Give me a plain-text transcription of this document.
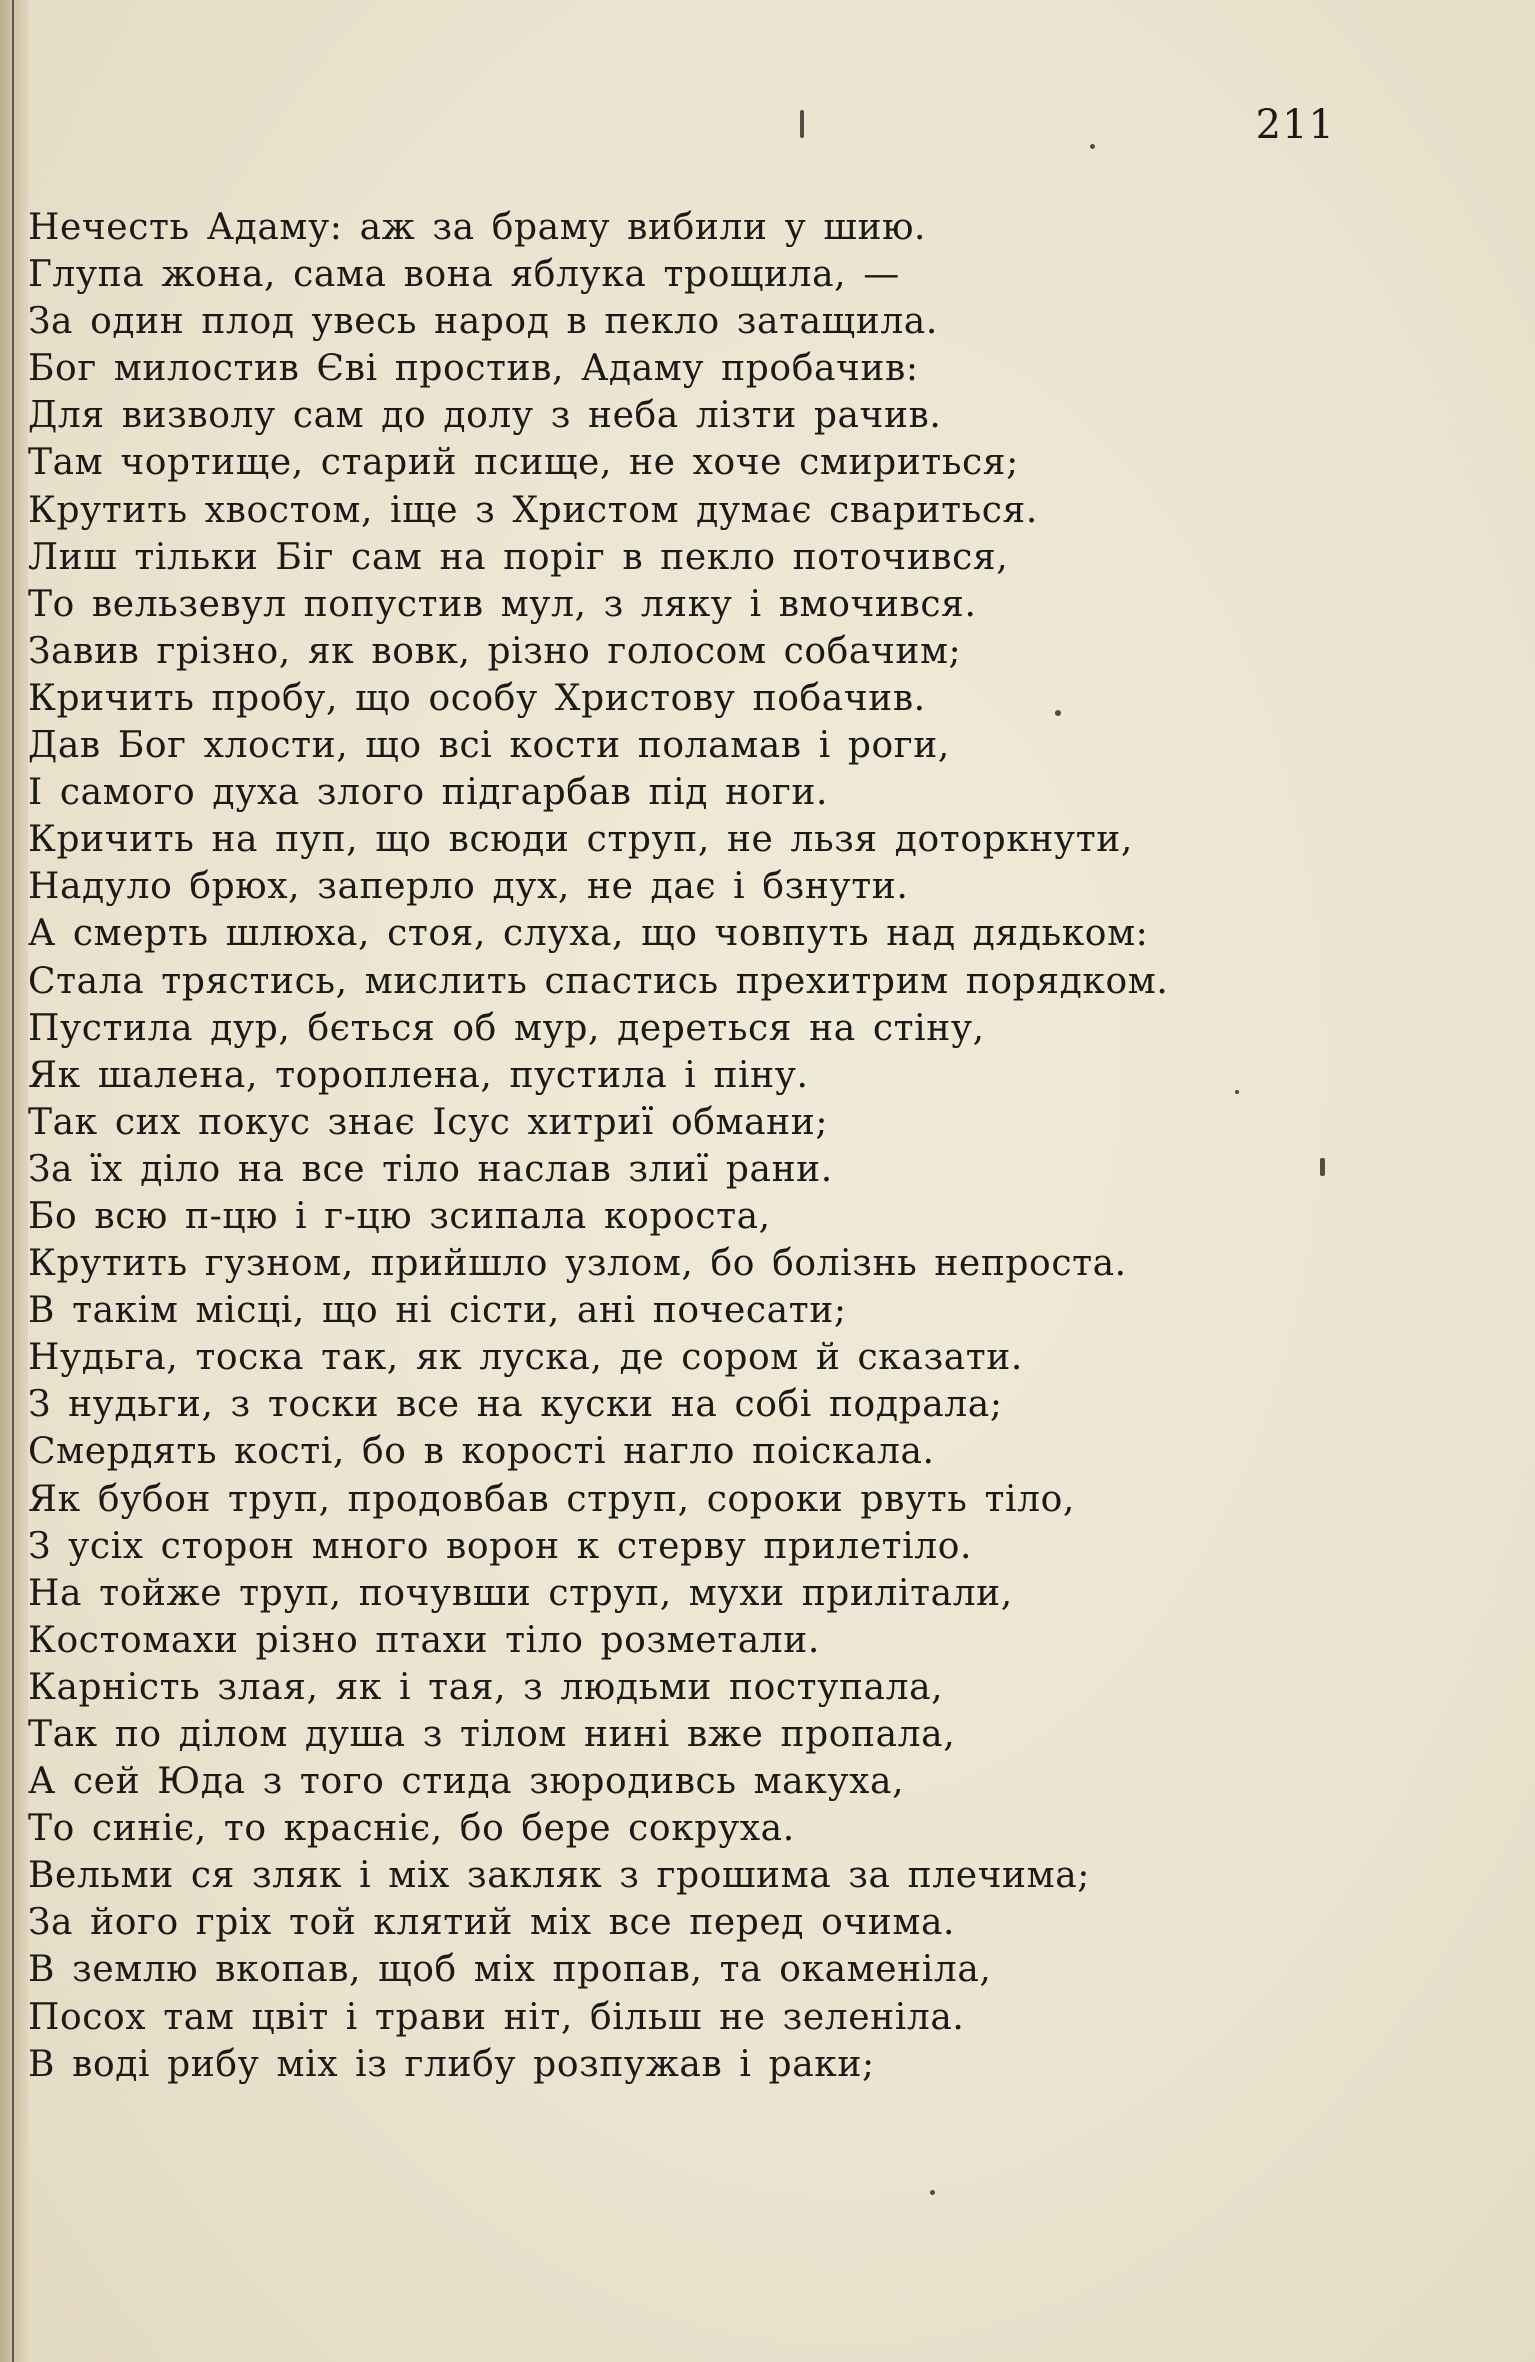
211
Нечесть Адаму: аж за браму вибили у шию.
Глупа жона, сама вона яблука трощила, —
За один плод увесь народ в пекло затащила.
Бог милостив Єві простив, Адаму пробачив:
Для визволу сам до долу з неба лізти рачив.
Там чортище, старий псище, не хоче смириться;
Крутить хвостом, іще з Христом думає свариться.
Лиш тільки Біг сам на поріг в пекло поточився,
То вельзевул попустив мул, з ляку і вмочився.
Завив грізно, як вовк, різно голосом собачим;
Кричить пробу, що особу Христову побачив.
Дав Бог хлости, що всі кости поламав і роги,
І самого духа злого підгарбав під ноги.
Кричить на пуп, що всюди струп, не льзя доторкнути,
Надуло брюх, заперло дух, не дає і бзнути.
А смерть шлюха, стоя, слуха, що човпуть над дядьком:
Стала трястись, мислить спастись прехитрим порядком.
Пустила дур, бється об мур, дереться на стіну,
Як шалена, тороплена, пустила і піну.
Так сих покус знає Ісус хитриї обмани;
За їх діло на все тіло наслав злиї рани.
Бо всю п-цю і г-цю зсипала короста,
Крутить гузном, прийшло узлом, бо болізнь непроста.
В такім місці, що ні сісти, ані почесати;
Нудьга, тоска так, як луска, де сором й сказати.
З нудьги, з тоски все на куски на собі подрала;
Смердять кості, бо в короcті нагло поіскала.
Як бубон труп, продовбав струп, сороки рвуть тіло,
З усіх сторон много ворон к стерву прилетіло.
На тойже труп, почувши струп, мухи прилітали,
Костомахи різно птахи тіло розметали.
Карність злая, як і тая, з людьми поступала,
Так по ділом душа з тілом нині вже пропала,
А сей Юда з того стида зюродивсь макуха,
То синіє, то краснiє, бо бере сокруха.
Вельми ся зляк і міх закляк з грошима за плечима;
За його гріх той клятий міх все перед очима.
В землю вкопав, щоб міх пропав, та окаменіла,
Посох там цвіт і трави ніт, більш не зеленіла.
В воді рибу міх із глибу розпужав і раки;
